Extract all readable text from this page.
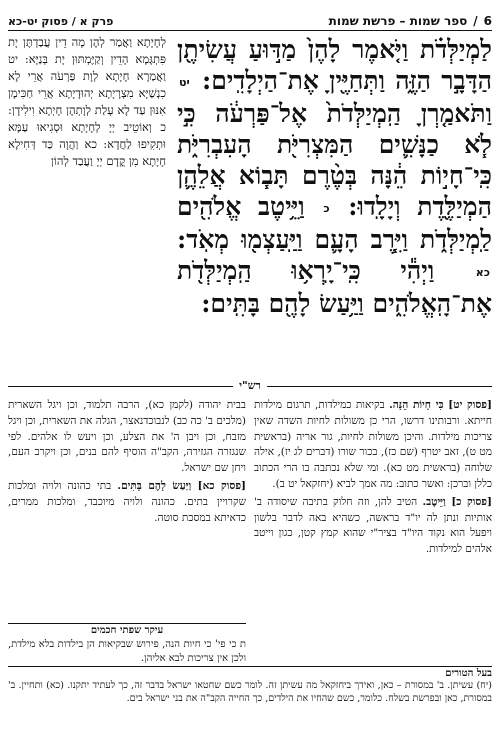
6
/
ספר שמות – פרשת שמות
פרק א / פסוק יט-כא

לַמְיַלְּדֹ֗ת וַיֹּ֤אמֶר לָהֶן֙ מַדּ֣וּעַ עֲשִׂיתֶ֖ן הַדָּבָ֣ר הַזֶּ֑ה וַתְּחַיֶּ֖יןָ אֶת־הַיְלָדִֽים: יט וַתֹּאמַ֤רְןָ הַֽמְיַלְּדֹת֙ אֶל־פַּרְעֹ֔ה כִּ֣י לֹ֧א כַנָּשִׁ֛ים הַמִּצְרִיֹּ֖ת הָעִבְרִיֹּ֑ת כִּֽי־חָי֣וֹת הֵ֔נָּה בְּטֶ֨רֶם תָּב֧וֹא אֲלֵהֶ֛ן הַמְיַלֶּ֖דֶת וְיָלָֽדוּ: כ וַיֵּ֥יטֶב אֱלֹהִ֖ים לַֽמְיַלְּדֹ֑ת וַיִּ֧רֶב הָעָ֛ם וַיַּֽעַצְמ֖וּ מְאֹֽד: כא וַיְהִ֕י כִּֽי־יָֽרְא֥וּ הַֽמְיַלְּדֹ֖ת אֶת־הָֽאֱלֹהִ֑ים וַיַּ֥עַשׂ לָהֶ֖ם בָּתִּֽים:

לְחָיָתָא וַאֲמַר לְהֶן מָה דֵין עֲבַדְתֶּן יָת פִּתְגָּמָא הָדֵין וְקַיֶּמְתּוּן יָת בְּנַיָּא: יט וַאֲמַרָא חָיָתָא לְוָת פַּרְעֹה אֲרֵי לָא כִנְשַׁיָּא מִצְרָיָתָא יְהוּדָיָתָא אֲרֵי חַכִּימָן אִנּוּן עַד לָא עָלַת לְוָתְהֶן חָיְתָא וִילִידָן: כ וְאוֹטֵיב יְיָ לְחָיָתָא וּסְגִיאוּ עַמָּא וּתְקִיפוּ לַחֲדָא: כא וַהֲוָה כַּד דְּחִילָא חָיָתָא מִן קֳדָם יְיָ וַעֲבַד לְהוֹן

רש"י

[פסוק יט] כִּי חָיוֹת הֵנָּה. בקיאות כמילדות, תרגום מילדות חייתא. ורבותינו דרשו, הרי כן משולות לחיות השדה שאין צריכות מילדות. והיכן משולות לחיות, גור אריה (בראשית מט ט), זאב יטרף (שם כז), בכור שורו (דברים לג יז), אילה שלוחה (בראשית מט כא). ומי שלא נכתבה בו הרי הכתוב כללן וברכן: ואשר כתוב: מה אמך לביא (יחזקאל יט ב).

[פסוק כ] וַיֵּיטֶב. הטיב להן, וזה חלוק בתיבה שיסודה ב' אותיות ונתן לה יו"ד בראשה, כשהיא באה לדבר בלשון ויפעל הוא נקוד היו"ד בציר"י שהוא קמץ קטן, כגון וייטב אלהים למילדות.

בבית יהודה (לקמן כא), הרבה תלמוד, וכן ויגל השארית (מלכים ב' כה כב) לנבוכדנאצר, הגלה את השארית, וכן ויגל מזבח, וכן ויבן ה' את הצלע, וכן ויעש לו אלהים. לפי שנגזרה הגזירה, הקב"ה הוסיף להם בנים, וכן ויקרב העם, ויחן שם ישראל.

[פסוק כא] וַיַּעַשׂ לָהֶם בָּתִּים. בתי כהונה ולויה ומלכות שקרויין בתים. כהונה ולויה מיוכבד, ומלכות ממרים, כדאיתא במסכת סוטה.

עיקר שפתי חכמים
ת כי פי' כי חיות הנה, פירוש שבקיאות הן בילדות בלא מילדת, ולכן אין צריכות לבא אליהן.
בעל הטורים

(יח) עשיתן. ב' במסורת – כאן, ואידך ביחזקאל מה עשיתן זה. לומר כשם שחטאו ישראל בדבר זה, כך לעתיד יתקנו. (כא) ותחיין. ב' במסורת, כאן ובפרשת בשלח. כלומר, כשם שהחיו את הילדים, כך החייה הקב"ה את בני ישראל בים.
